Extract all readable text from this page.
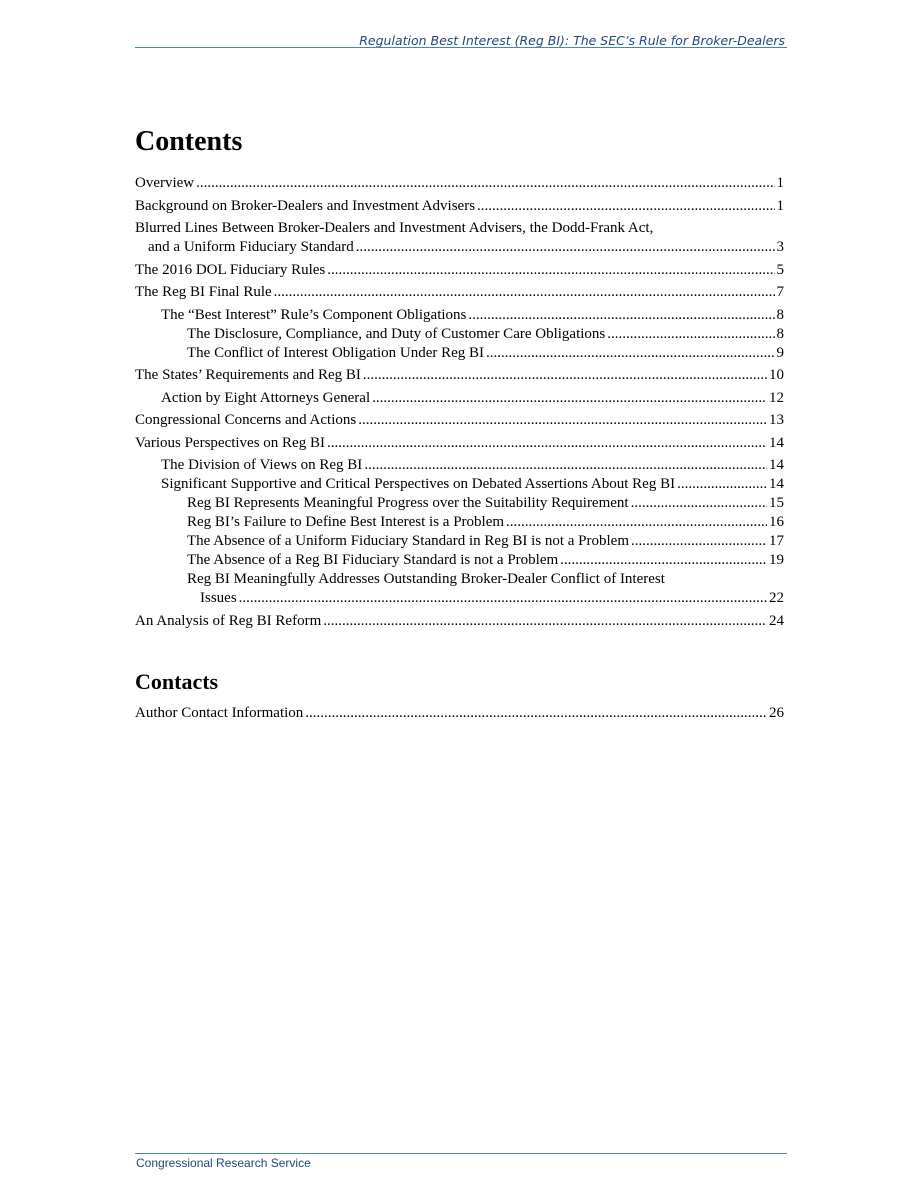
Regulation Best Interest (Reg BI): The SEC’s Rule for Broker-Dealers
Contents
Overview .....	1
Background on Broker-Dealers and Investment Advisers .....	1
Blurred Lines Between Broker-Dealers and Investment Advisers, the Dodd-Frank Act,
and a Uniform Fiduciary Standard .....	3
The 2016 DOL Fiduciary Rules .....	5
The Reg BI Final Rule .....	7
The “Best Interest” Rule’s Component Obligations .....	8
The Disclosure, Compliance, and Duty of Customer Care Obligations .....	8
The Conflict of Interest Obligation Under Reg BI .....	9
The States’ Requirements and Reg BI .....	10
Action by Eight Attorneys General .....	12
Congressional Concerns and Actions .....	13
Various Perspectives on Reg BI .....	14
The Division of Views on Reg BI .....	14
Significant Supportive and Critical Perspectives on Debated Assertions About Reg BI .....	14
Reg BI Represents Meaningful Progress over the Suitability Requirement .....	15
Reg BI’s Failure to Define Best Interest is a Problem .....	16
The Absence of a Uniform Fiduciary Standard in Reg BI is not a Problem .....	17
The Absence of a Reg BI Fiduciary Standard is not a Problem .....	19
Reg BI Meaningfully Addresses Outstanding Broker-Dealer Conflict of Interest
Issues .....	22
An Analysis of Reg BI Reform .....	24
Contacts
Author Contact Information .....	26
Congressional Research Service
